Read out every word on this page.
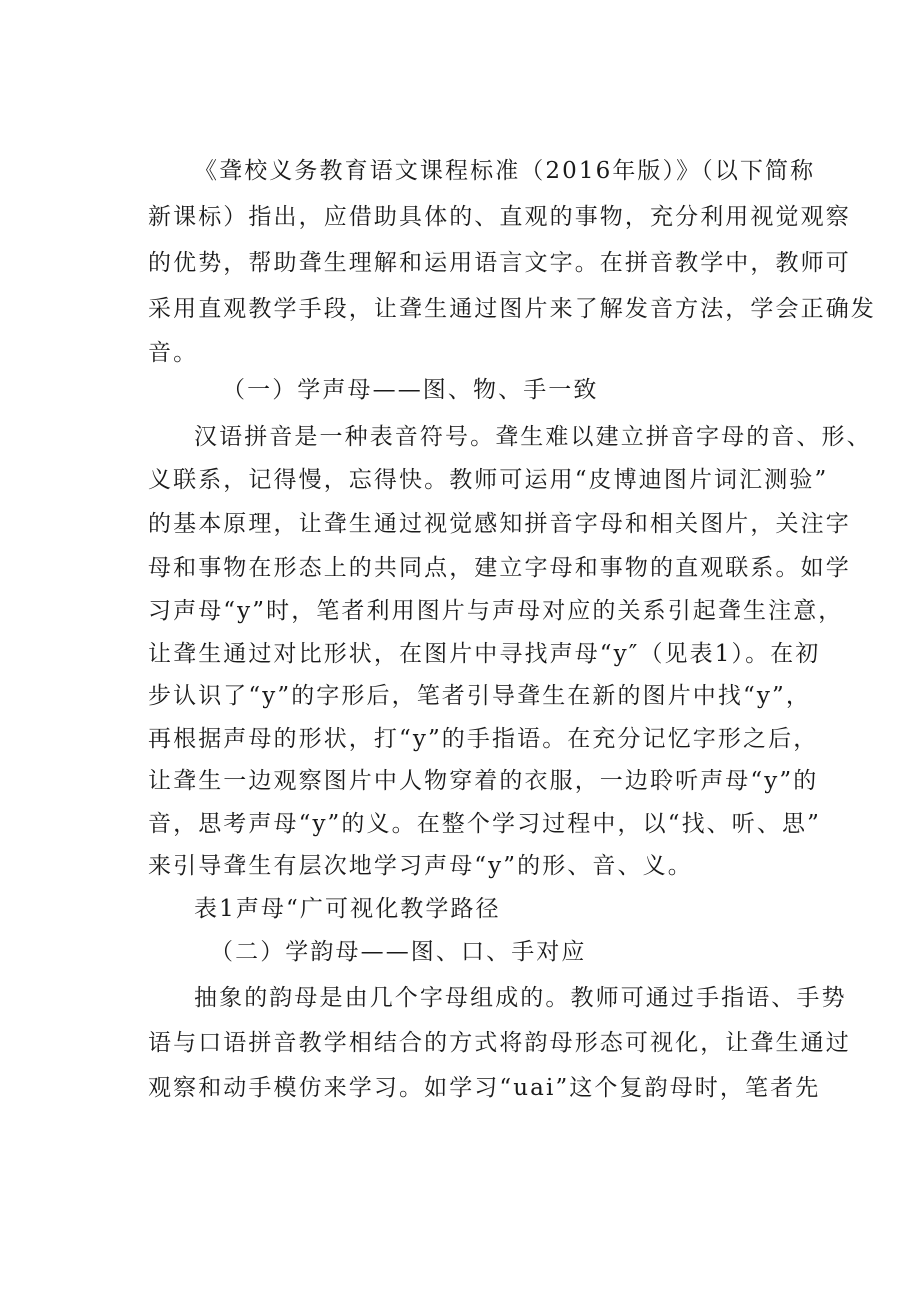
《聋校义务教育语文课程标准（2016年版）》（以下简称
新课标）指出，应借助具体的、直观的事物，充分利用视觉观察
的优势，帮助聋生理解和运用语言文字。在拼音教学中，教师可
采用直观教学手段，让聋生通过图片来了解发音方法，学会正确发
音。
（一）学声母——图、物、手一致
汉语拼音是一种表音符号。聋生难以建立拼音字母的音、形、
义联系，记得慢，忘得快。教师可运用“皮博迪图片词汇测验”
的基本原理，让聋生通过视觉感知拼音字母和相关图片，关注字
母和事物在形态上的共同点，建立字母和事物的直观联系。如学
习声母“y”时，笔者利用图片与声母对应的关系引起聋生注意，
让聋生通过对比形状，在图片中寻找声母“y″（见表1）。在初
步认识了“y”的字形后，笔者引导聋生在新的图片中找“y”，
再根据声母的形状，打“y”的手指语。在充分记忆字形之后，
让聋生一边观察图片中人物穿着的衣服，一边聆听声母“y”的
音，思考声母“y”的义。在整个学习过程中，以“找、听、思”
来引导聋生有层次地学习声母“y”的形、音、义。
表1声母“广可视化教学路径
（二）学韵母——图、口、手对应
抽象的韵母是由几个字母组成的。教师可通过手指语、手势
语与口语拼音教学相结合的方式将韵母形态可视化，让聋生通过
观察和动手模仿来学习。如学习“uai”这个复韵母时，笔者先
